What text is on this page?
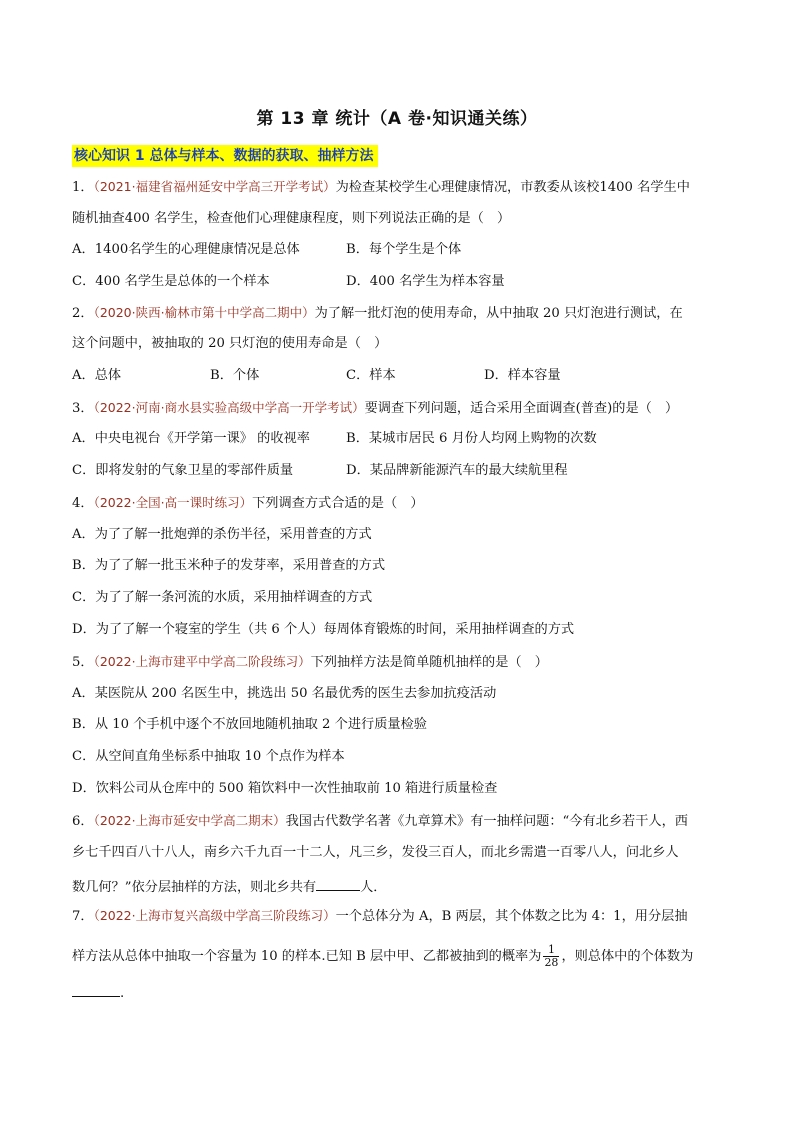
第 13 章 统计（A 卷·知识通关练）
核心知识 1 总体与样本、数据的获取、抽样方法
1．（2021·福建省福州延安中学高三开学考试）为检查某校学生心理健康情况，市教委从该校1400 名学生中
随机抽查400 名学生，检查他们心理健康程度，则下列说法正确的是（　）
A．1400名学生的心理健康情况是总体	B．每个学生是个体
C．400 名学生是总体的一个样本	D．400 名学生为样本容量
2．（2020·陕西·榆林市第十中学高二期中）为了解一批灯泡的使用寿命，从中抽取 20 只灯泡进行测试，在
这个问题中，被抽取的 20 只灯泡的使用寿命是（　）
A．总体	B．个体	C．样本	D．样本容量
3．（2022·河南·商水县实验高级中学高一开学考试）要调查下列问题，适合采用全面调查(普查)的是（　）
A．中央电视台《开学第一课》 的收视率	B．某城市居民 6 月份人均网上购物的次数
C．即将发射的气象卫星的零部件质量	D．某品牌新能源汽车的最大续航里程
4．（2022·全国·高一课时练习）下列调查方式合适的是（　）
A．为了了解一批炮弹的杀伤半径，采用普查的方式
B．为了了解一批玉米种子的发芽率，采用普查的方式
C．为了了解一条河流的水质，采用抽样调查的方式
D．为了了解一个寝室的学生（共 6 个人）每周体育锻炼的时间，采用抽样调查的方式
5．（2022·上海市建平中学高二阶段练习）下列抽样方法是简单随机抽样的是（　）
A．某医院从 200 名医生中，挑选出 50 名最优秀的医生去参加抗疫活动
B．从 10 个手机中逐个不放回地随机抽取 2 个进行质量检验
C．从空间直角坐标系中抽取 10 个点作为样本
D．饮料公司从仓库中的 500 箱饮料中一次性抽取前 10 箱进行质量检查
6．（2022·上海市延安中学高二期末）我国古代数学名著《九章算术》有一抽样问题：“今有北乡若干人，西
乡七千四百八十八人，南乡六千九百一十二人，凡三乡，发役三百人，而北乡需遣一百零八人，问北乡人
数几何？”依分层抽样的方法，则北乡共有	人．
7．（2022·上海市复兴高级中学高三阶段练习）一个总体分为 A，B 两层，其个体数之比为 4：1，用分层抽
样方法从总体中抽取一个容量为 10 的样本.已知 B 层中甲、乙都被抽到的概率为 $\frac{1}{28}$ ，则总体中的个体数为
.
